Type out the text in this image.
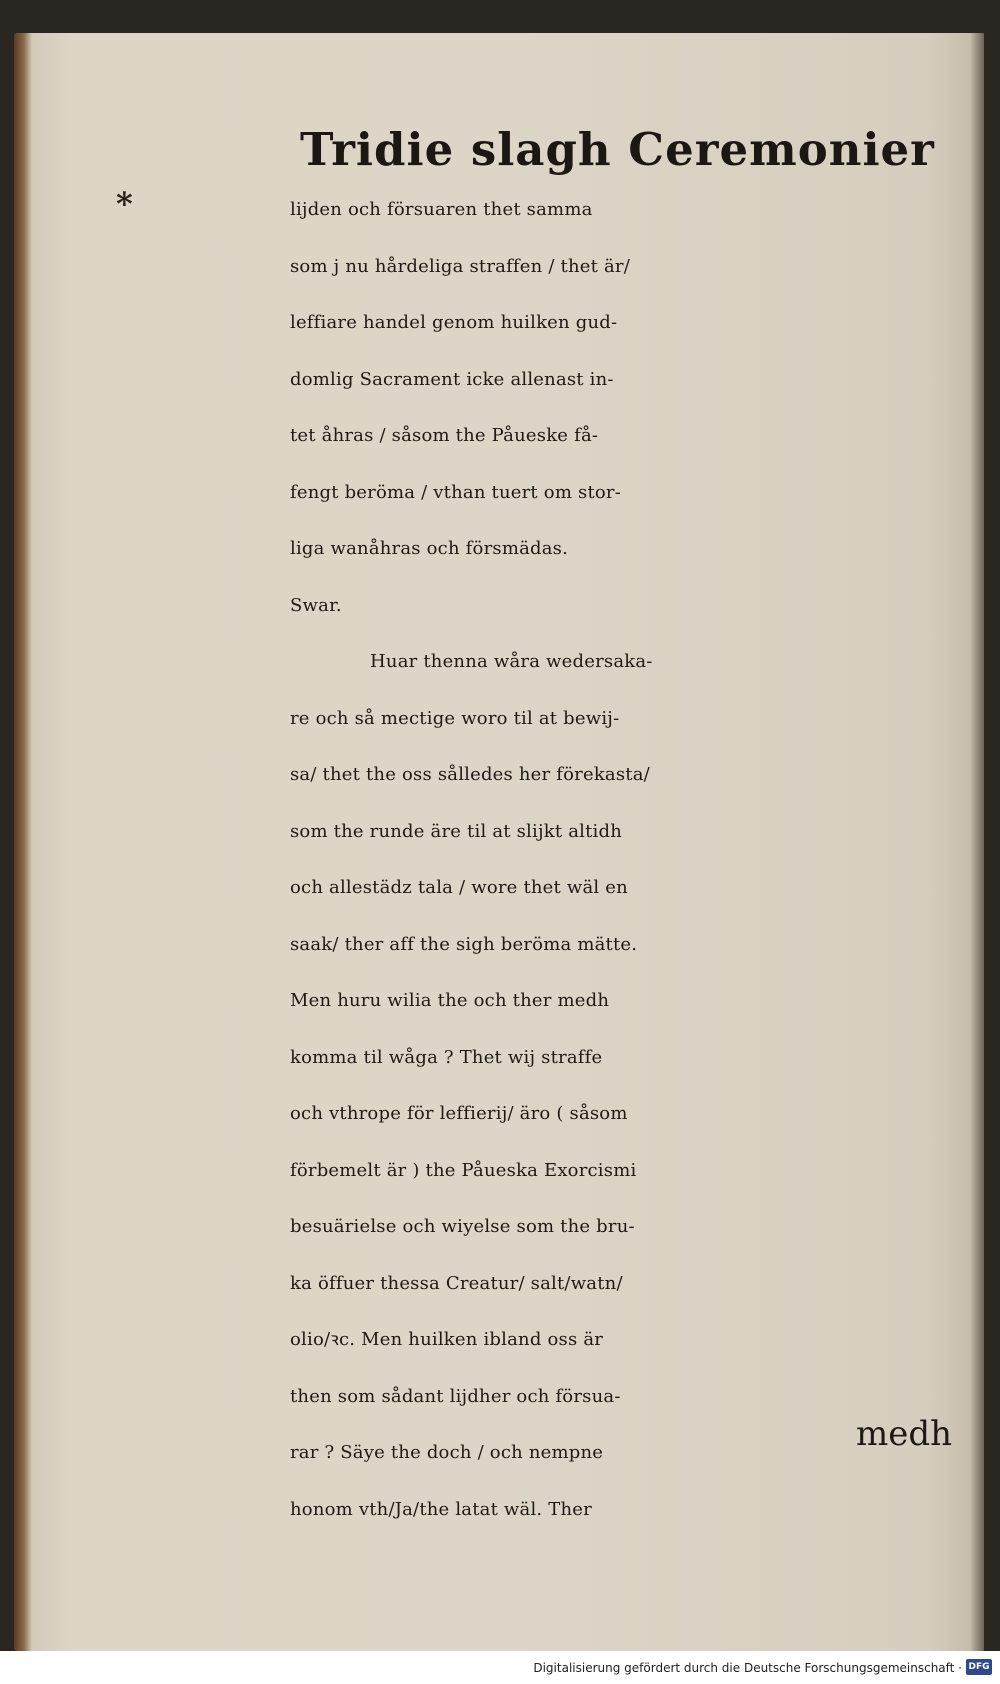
Tridie slagh Ceremonier
*	lijden och försuaren thet samma
som j nu hårdeliga straffen / thet är/
leffiare handel genom huilken gud-
domlig Sacrament icke allenast in-
tet åhras / såsom the Påueske få-
fengt beröma / vthan tuert om stor-
liga wanåhras och försmädas.
Swar.
Huar thenna wåra wedersaka-
re och så mectige woro til at bewij-
sa/ thet the oss sålledes her förekasta/
som the runde äre til at slijkt altidh
och allestädz tala / wore thet wäl en
saak/ ther aff the sigh beröma mätte.
Men huru wilia the och ther medh
komma til wåga ? Thet wij straffe
och vthrope för leffierij/ äro ( såsom
förbemelt är ) the Påueska Exorcismi
besuärielse och wiyelse som the bru-
ka öffuer thessa Creatur/ salt/watn/
olio/ꝛc. Men huilken ibland oss är
then som sådant lijdher och försua-
rar ? Säye the doch / och nempne
honom vth/Ja/the latat wäl. Ther
medh
Digitalisierung gefördert durch die Deutsche Forschungsgemeinschaft · DFG
